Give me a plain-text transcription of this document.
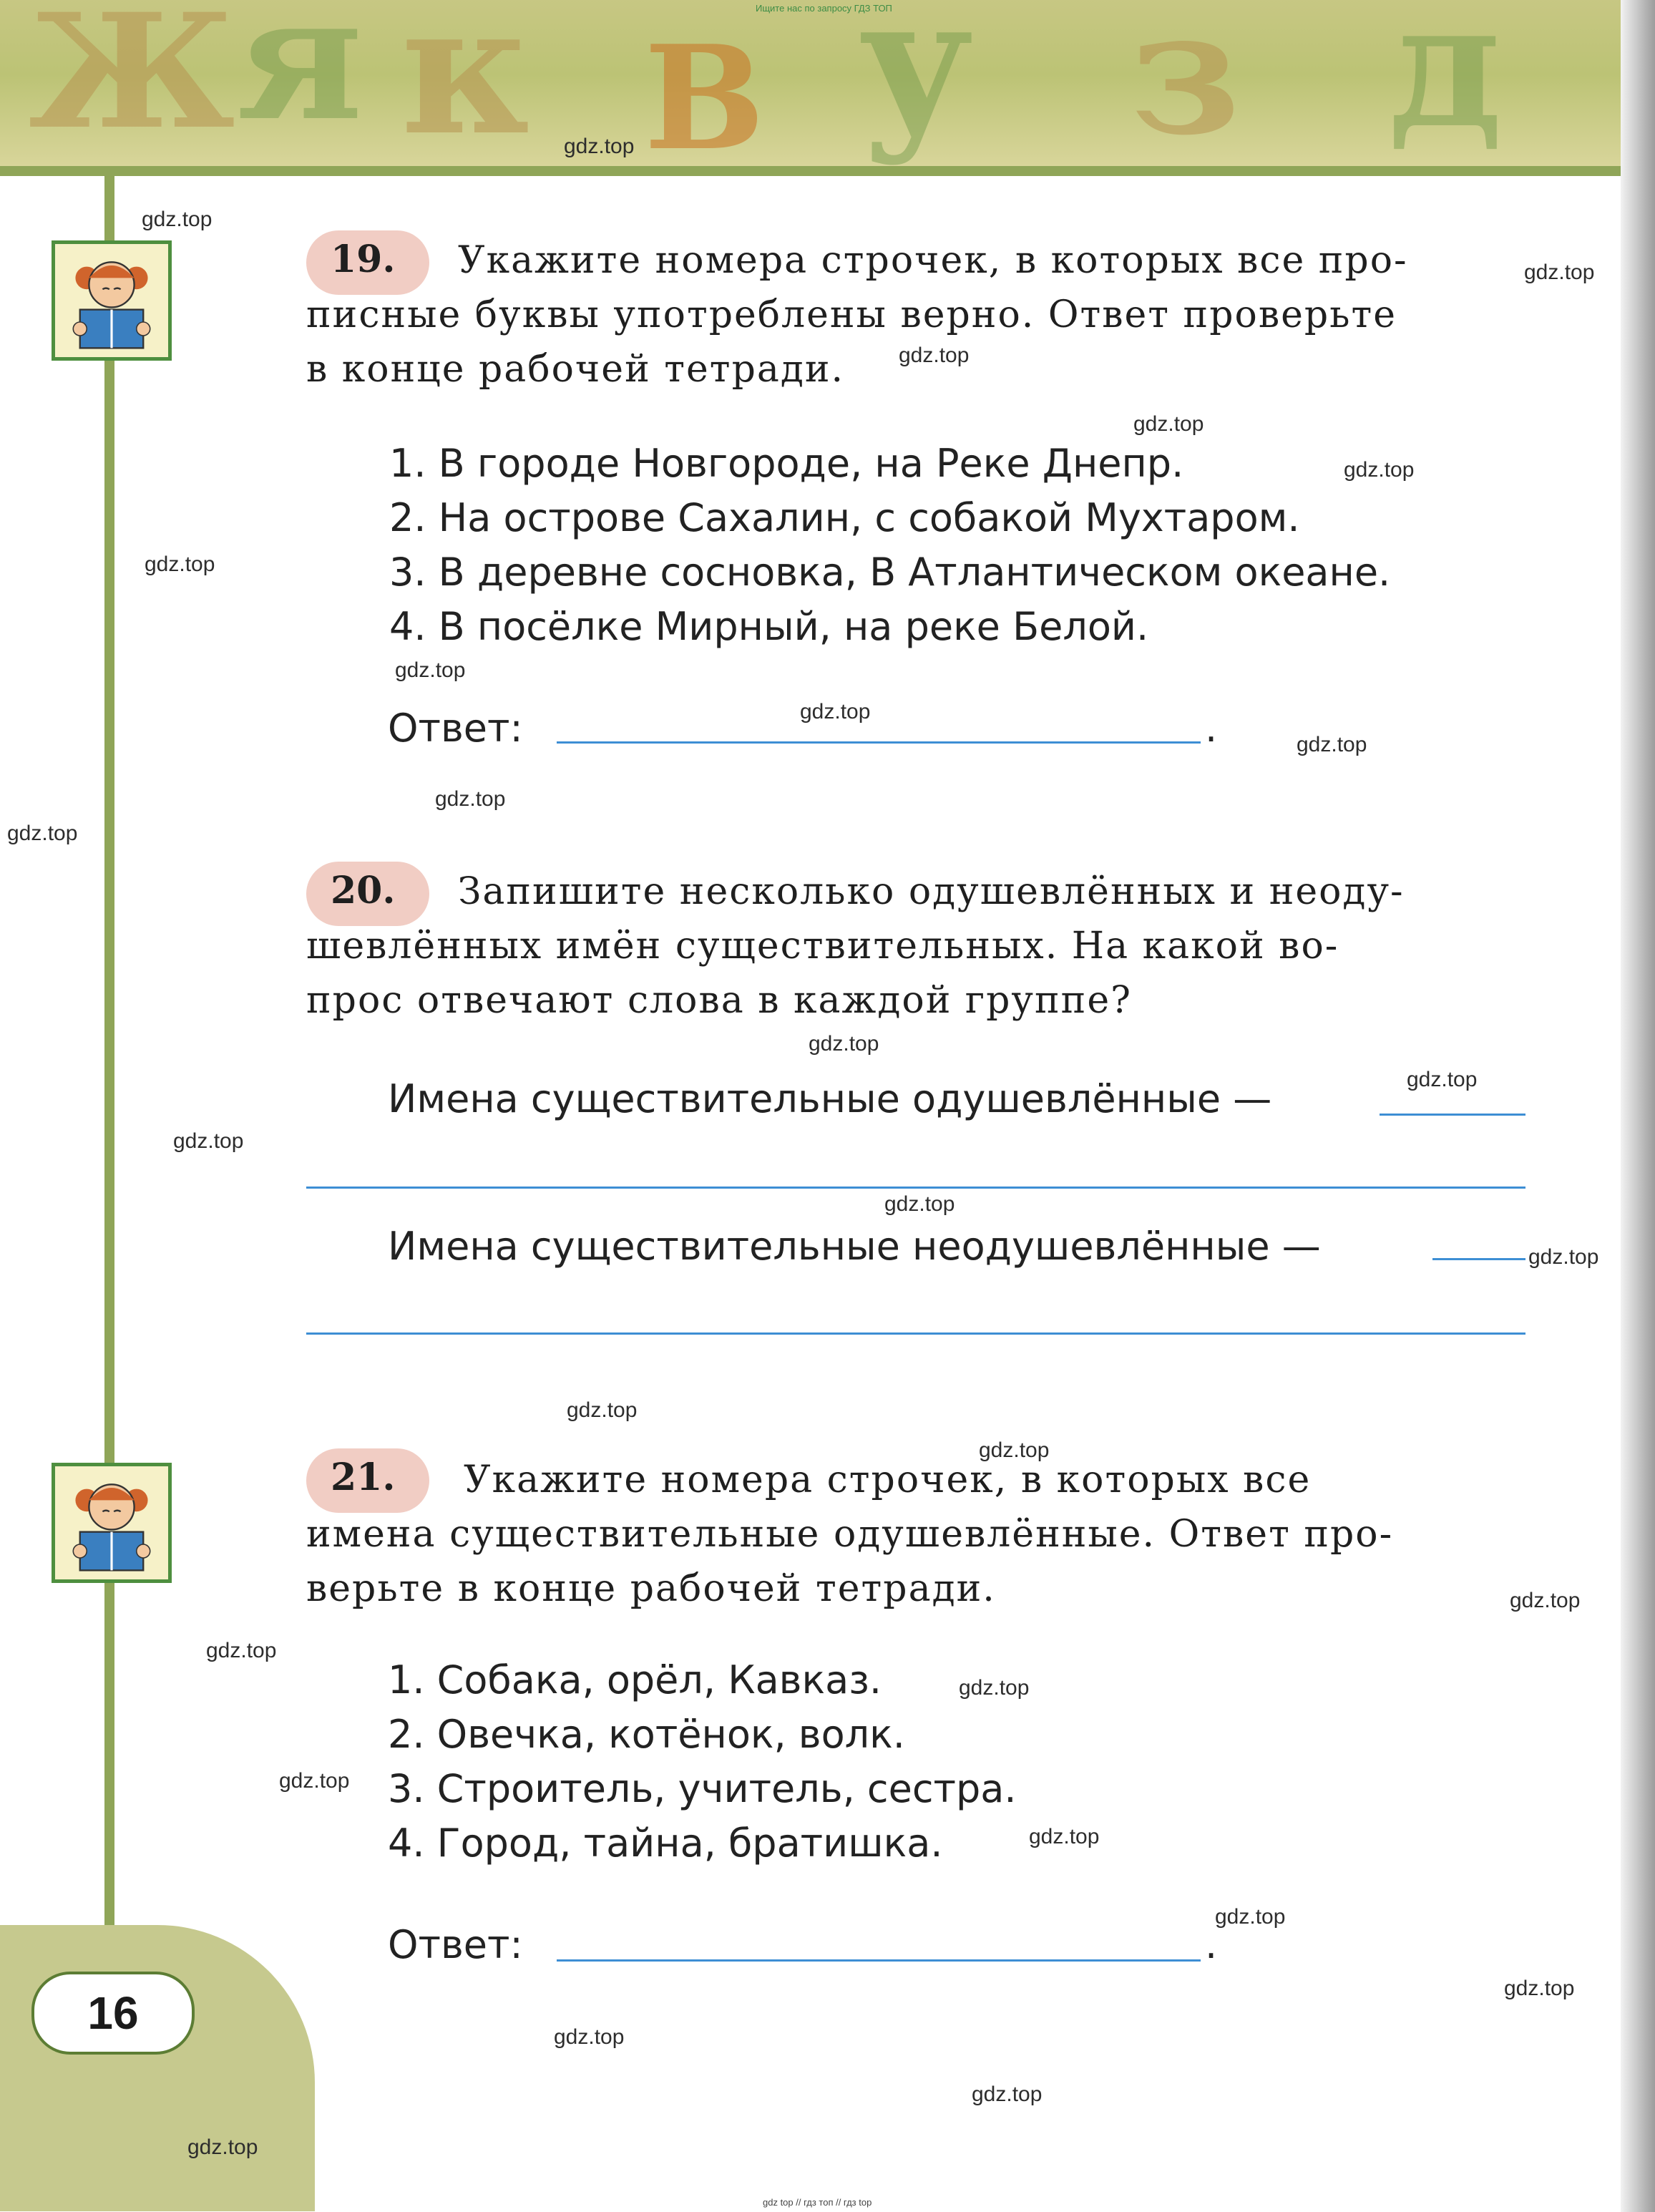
Ж я к В у з д
Ищите нас по запросу ГДЗ ТОП
16
19. Укажите номера строчек, в которых все про-
писные буквы употреблены верно. Ответ проверьте
в конце рабочей тетради.
1. В городе Новгороде, на Реке Днепр.
2. На острове Сахалин, с собакой Мухтаром.
3. В деревне сосновка, В Атлантическом океане.
4. В посёлке Мирный, на реке Белой.
Ответ:	.
20. Запишите несколько одушевлённых и неоду-
шевлённых имён существительных. На какой во-
прос отвечают слова в каждой группе?
Имена существительные одушевлённые —
Имена существительные неодушевлённые —
21. Укажите номера строчек, в которых все
имена существительные одушевлённые. Ответ про-
верьте в конце рабочей тетради.
1. Собака, орёл, Кавказ.
2. Овечка, котёнок, волк.
3. Строитель, учитель, сестра.
4. Город, тайна, братишка.
Ответ:	.
gdz.top
gdz.top
gdz.top
gdz.top
gdz.top
gdz.top
gdz.top
gdz.top
gdz.top
gdz.top
gdz.top
gdz.top
gdz.top
gdz.top
gdz.top
gdz.top
gdz.top
gdz.top
gdz.top
gdz.top
gdz.top
gdz.top
gdz.top
gdz.top
gdz.top
gdz.top
gdz.top
gdz.top
gdz.top
gdz top // гдз топ // гдз top
